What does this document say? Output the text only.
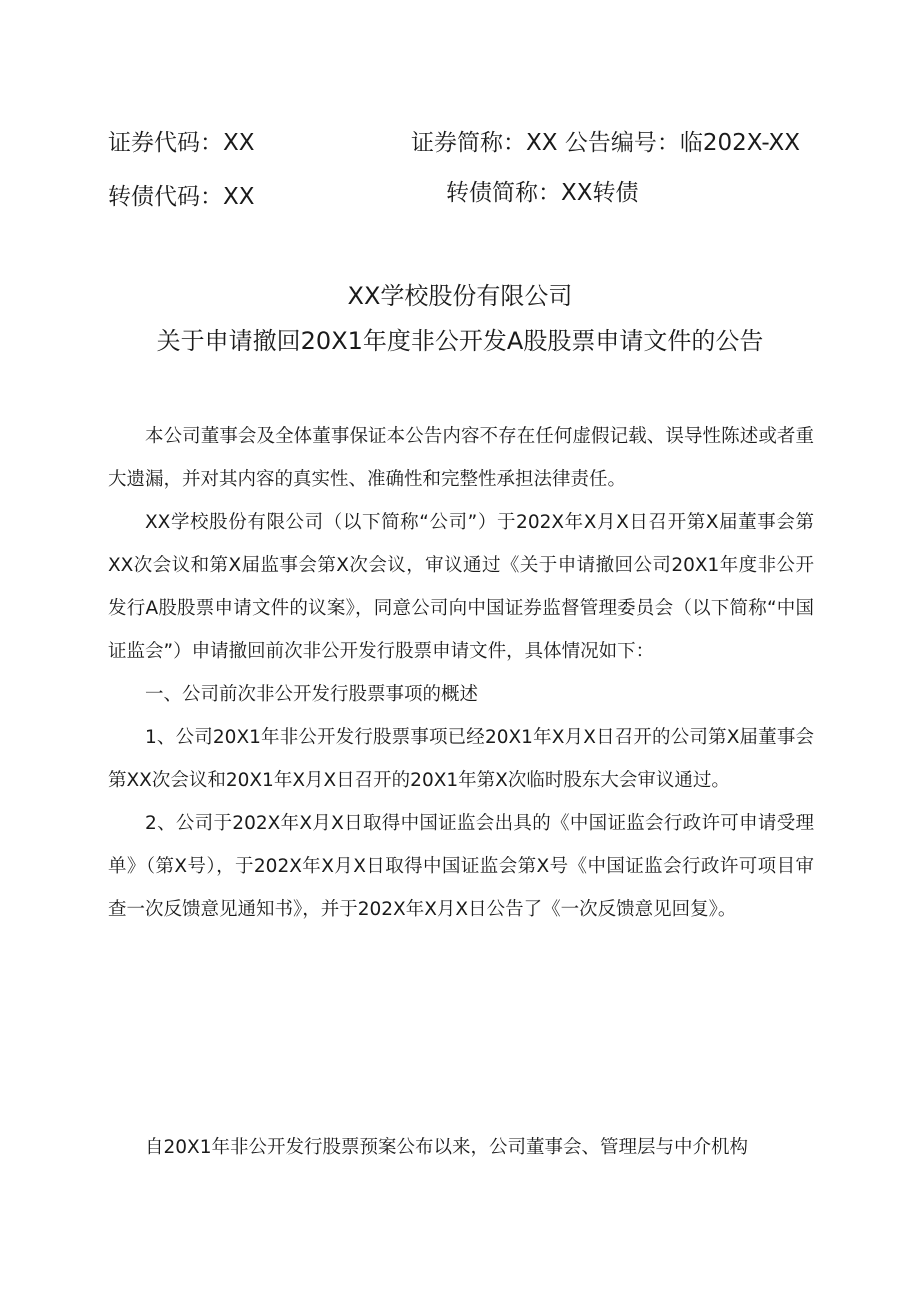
证券代码：XX	证券简称：XX 公告编号：临202X-XX
转债代码：XX	转债简称：XX转债
XX学校股份有限公司
关于申请撤回20X1年度非公开发A股股票申请文件的公告

本公司董事会及全体董事保证本公告内容不存在任何虚假记载、误导性陈述或者重大遗漏，并对其内容的真实性、准确性和完整性承担法律责任。

XX学校股份有限公司（以下简称“公司”）于202X年X月X日召开第X届董事会第XX次会议和第X届监事会第X次会议，审议通过《关于申请撤回公司20X1年度非公开发行A股股票申请文件的议案》，同意公司向中国证券监督管理委员会（以下简称“中国证监会”）申请撤回前次非公开发行股票申请文件，具体情况如下：

一、公司前次非公开发行股票事项的概述

1、公司20X1年非公开发行股票事项已经20X1年X月X日召开的公司第X届董事会第XX次会议和20X1年X月X日召开的20X1年第X次临时股东大会审议通过。

2、公司于202X年X月X日取得中国证监会出具的《中国证监会行政许可申请受理单》（第X号），于202X年X月X日取得中国证监会第X号《中国证监会行政许可项目审查一次反馈意见通知书》，并于202X年X月X日公告了《一次反馈意见回复》。

自20X1年非公开发行股票预案公布以来，公司董事会、管理层与中介机构
